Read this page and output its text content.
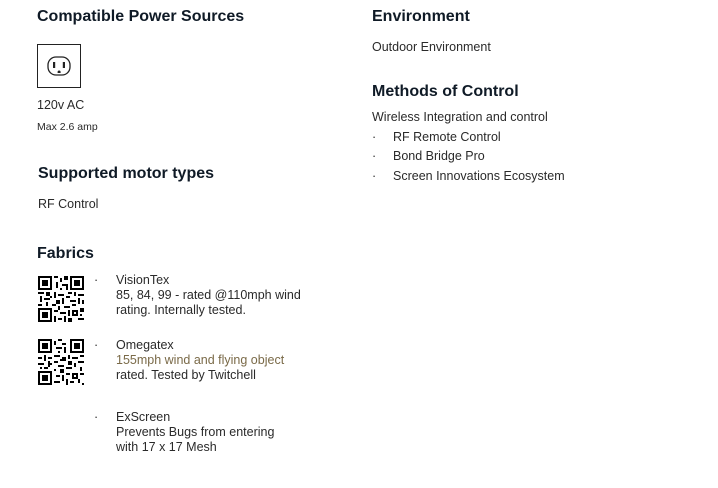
Compatible Power Sources
120v AC
Max 2.6 amp
Supported motor types
RF Control
Fabrics
· VisionTex
85, 84, 99 - rated @110mph wind
rating. Internally tested.
· Omegatex
155mph wind and flying object
rated. Tested by Twitchell
· ExScreen
Prevents Bugs from entering
with 17 x 17 Mesh
Environment
Outdoor Environment
Methods of Control
Wireless Integration and control
·	RF Remote Control
·	Bond Bridge Pro
·	Screen Innovations Ecosystem
